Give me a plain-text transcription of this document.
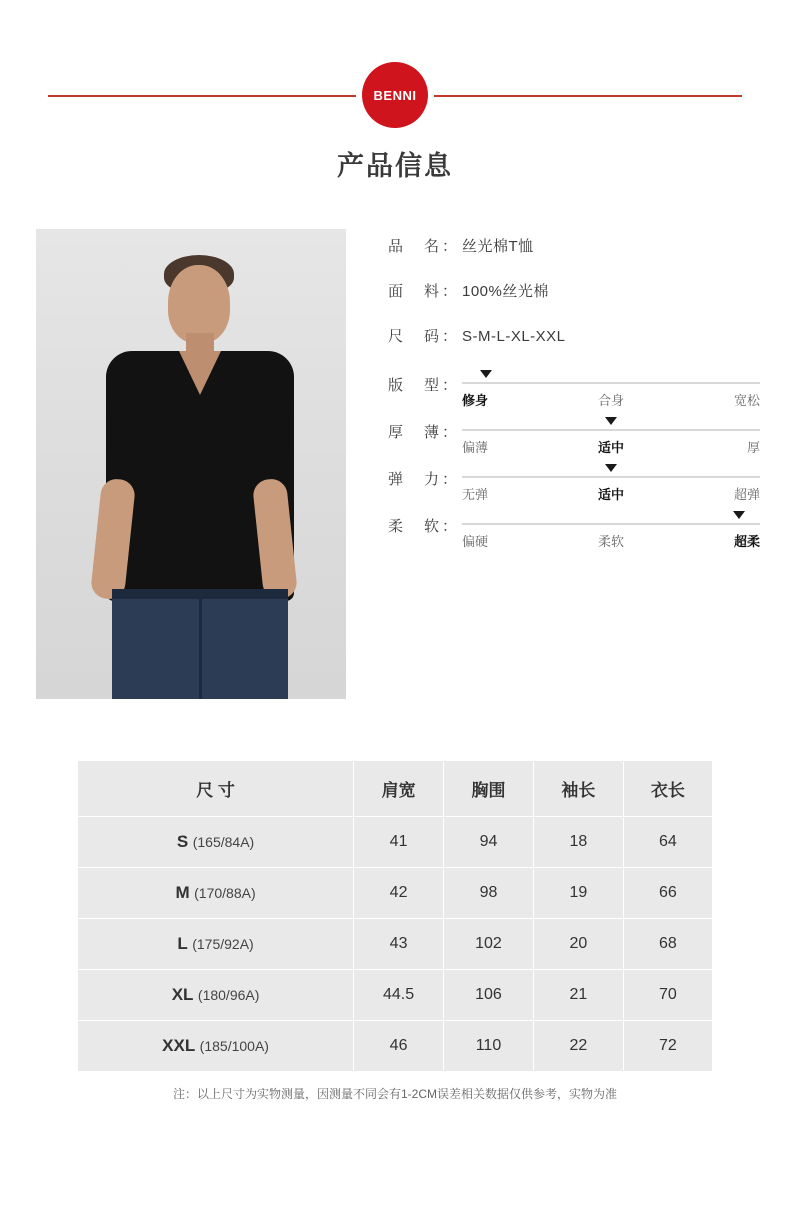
BENNI
产品信息
品　名： 丝光棉T恤
面　料： 100%丝光棉
尺　码： S-M-L-XL-XXL
版　型：
修身	合身	宽松
厚　薄：
偏薄	适中	厚
弹　力：
无弹	适中	超弹
柔　软：
偏硬	柔软	超柔
尺 寸	肩宽	胸围	袖长	衣长
S (165/84A)	41	94	18	64
M (170/88A)	42	98	19	66
L (175/92A)	43	102	20	68
XL (180/96A)	44.5	106	21	70
XXL (185/100A)	46	110	22	72
注：以上尺寸为实物测量，因测量不同会有1-2CM误差相关数据仅供参考，实物为准
